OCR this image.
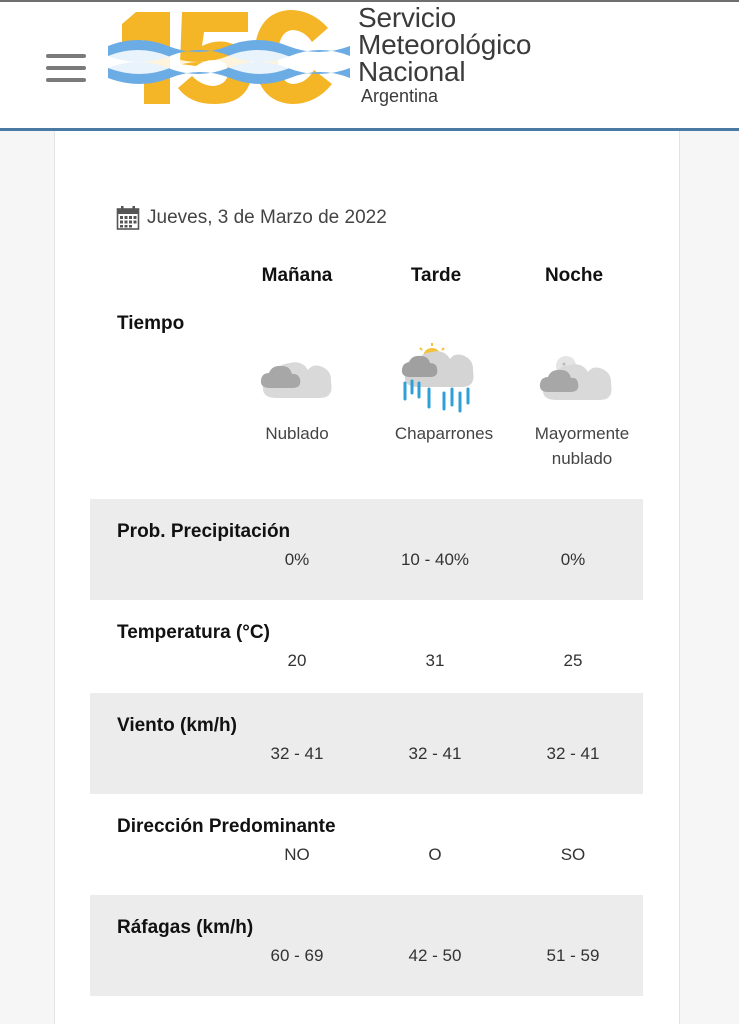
Servicio
Meteorológico
Nacional
Argentina
Jueves, 3 de Marzo de 2022
Mañana	Tarde	Noche
Tiempo
Nublado	Chaparrones	Mayormente
nublado
Prob. Precipitación
0%	10 - 40%	0%
Temperatura (°C)
20	31	25
Viento (km/h)
32 - 41	32 - 41	32 - 41
Dirección Predominante
NO	O	SO
Ráfagas (km/h)
60 - 69	42 - 50	51 - 59
